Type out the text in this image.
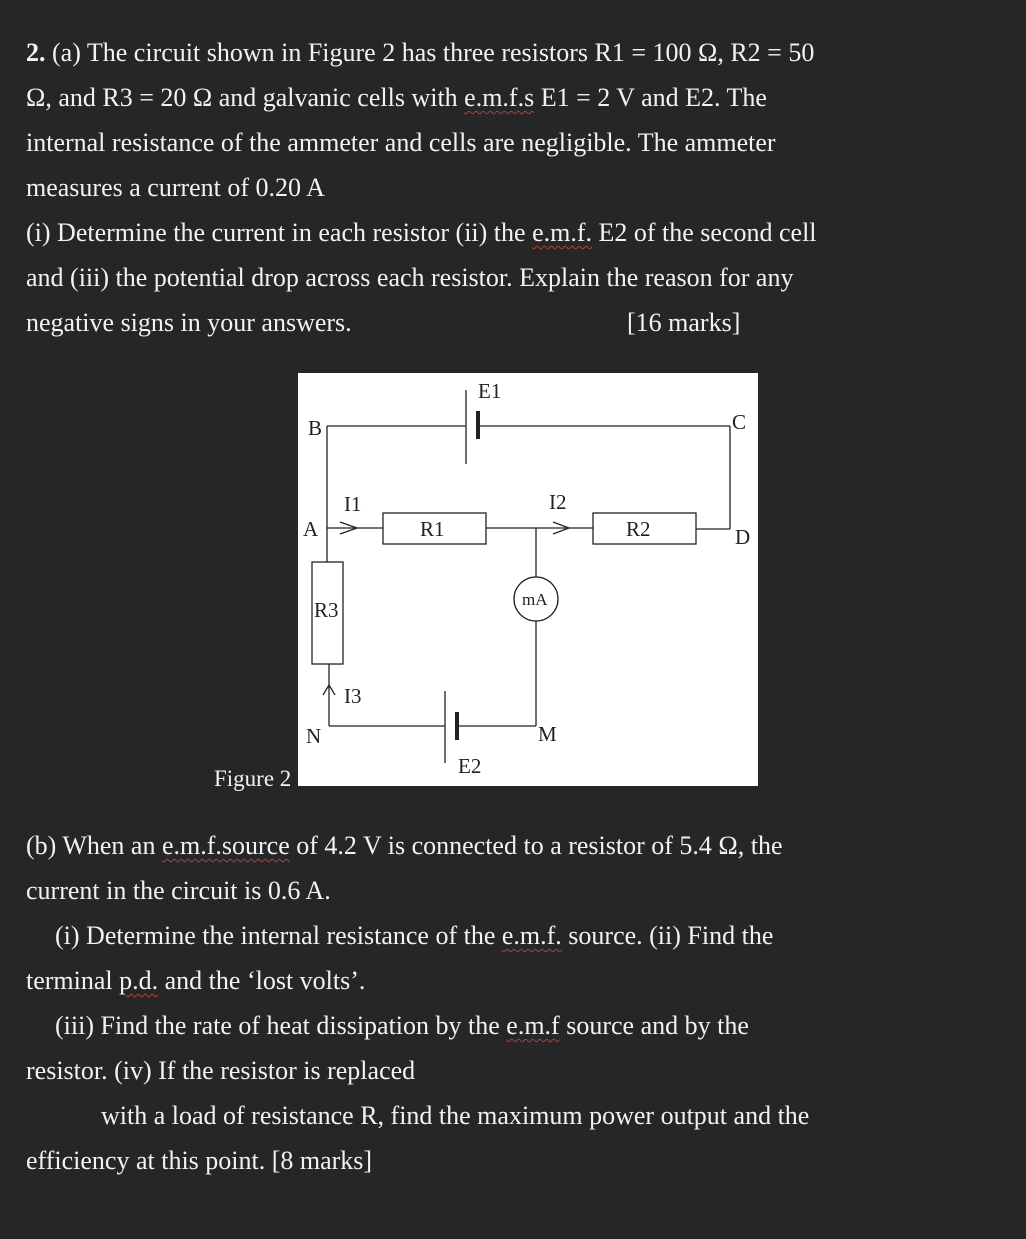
2. (a) The circuit shown in Figure 2 has three resistors R1 = 100 Ω, R2 = 50
Ω, and R3 = 20 Ω and galvanic cells with e.m.f.s E1 = 2 V and E2. The
internal resistance of the ammeter and cells are negligible. The ammeter
measures a current of 0.20 A
(i) Determine the current in each resistor (ii) the e.m.f. E2 of the second cell
and (iii) the potential drop across each resistor. Explain the reason for any
negative signs in your answers.	[16 marks]
Figure 2
E1
B	C
A	D
I1	I2
R1	R2
R3	mA
I3
N	M
E2
(b) When an e.m.f.source of 4.2 V is connected to a resistor of 5.4 Ω, the
current in the circuit is 0.6 A.
(i) Determine the internal resistance of the e.m.f. source. (ii) Find the
terminal p.d. and the ‘lost volts’.
(iii) Find the rate of heat dissipation by the e.m.f source and by the
resistor. (iv) If the resistor is replaced
with a load of resistance R, find the maximum power output and the
efficiency at this point. [8 marks]
